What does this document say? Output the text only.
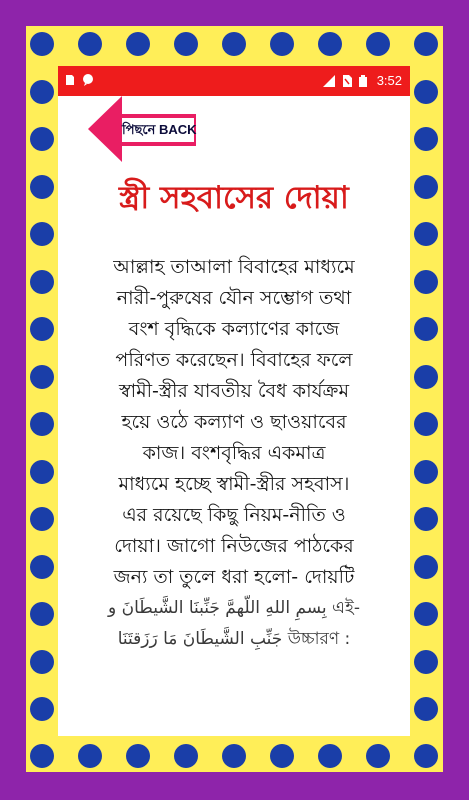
3:52
পিছনে BACK
স্ত্রী সহবাসের দোয়া

আল্লাহ তাআলা বিবাহের মাধ্যমে

নারী-পুরুষের যৌন সম্ভোগ তথা

বংশ বৃদ্ধিকে কল্যাণের কাজে

পরিণত করেছেন। বিবাহের ফলে

স্বামী-স্ত্রীর যাবতীয় বৈধ কার্যক্রম

হয়ে ওঠে কল্যাণ ও ছাওয়াবের

কাজ। বংশবৃদ্ধির একমাত্র

মাধ্যমে হচ্ছে স্বামী-স্ত্রীর সহবাস।

এর রয়েছে কিছু নিয়ম-নীতি ও

দোয়া। জাগো নিউজের পাঠকের

জন্য তা তুলে ধরা হলো- দোয়টি

بِسمِ اللهِ اللّهمَّ جَنِّبنَا الشَّيطَانَ و এই-

جَنِّبِ الشَّيطَانَ مَا رَزَقتَنَا উচ্চারণ :
